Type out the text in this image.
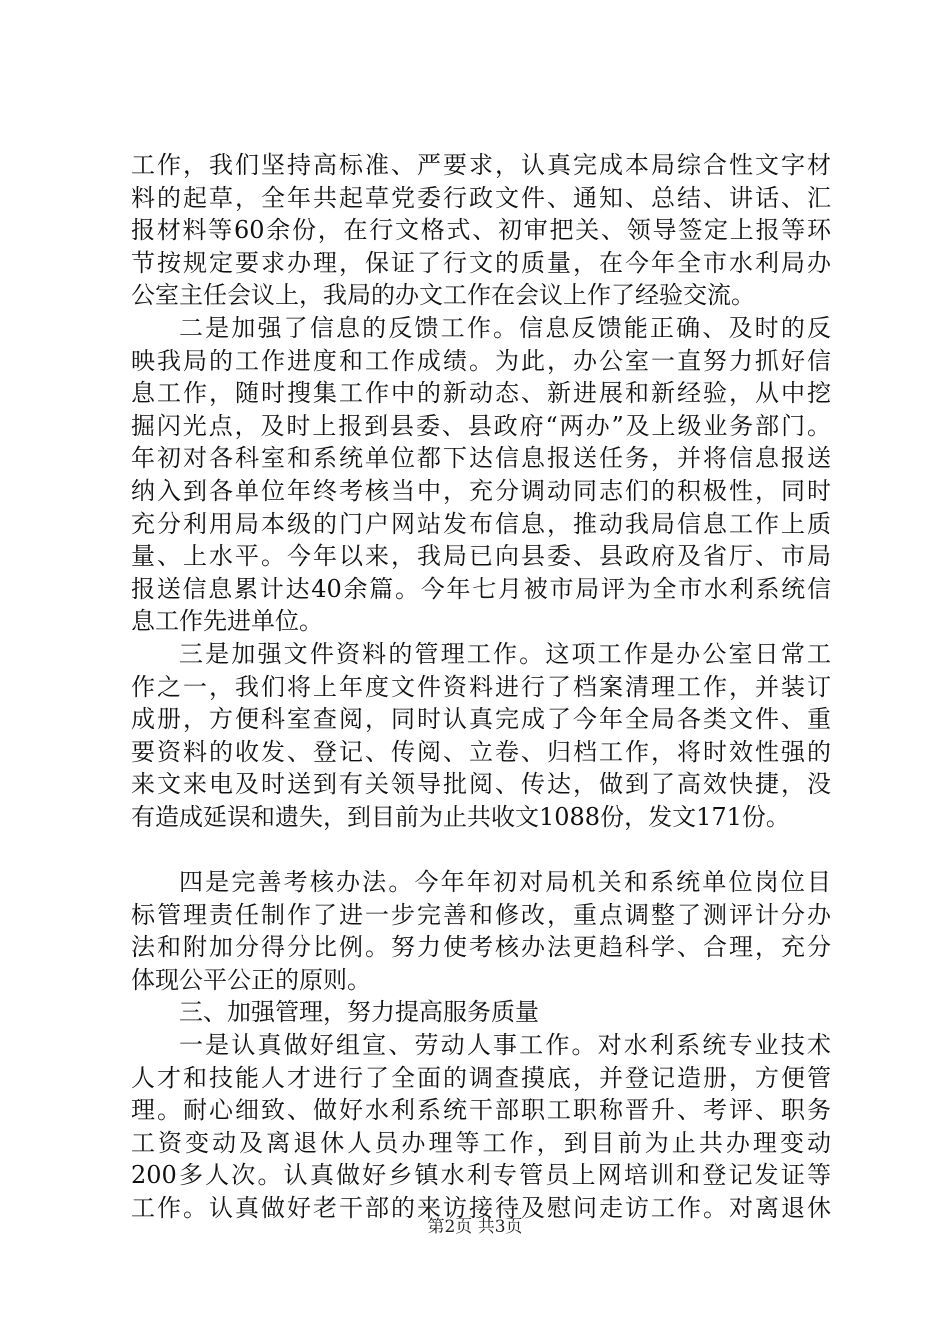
工作，我们坚持高标准、严要求，认真完成本局综合性文字材
料的起草，全年共起草党委行政文件、通知、总结、讲话、汇
报材料等60余份，在行文格式、初审把关、领导签定上报等环
节按规定要求办理，保证了行文的质量，在今年全市水利局办
公室主任会议上，我局的办文工作在会议上作了经验交流。
二是加强了信息的反馈工作。信息反馈能正确、及时的反
映我局的工作进度和工作成绩。为此，办公室一直努力抓好信
息工作，随时搜集工作中的新动态、新进展和新经验，从中挖
掘闪光点，及时上报到县委、县政府“两办”及上级业务部门。
年初对各科室和系统单位都下达信息报送任务，并将信息报送
纳入到各单位年终考核当中，充分调动同志们的积极性，同时
充分利用局本级的门户网站发布信息，推动我局信息工作上质
量、上水平。今年以来，我局已向县委、县政府及省厅、市局
报送信息累计达40余篇。今年七月被市局评为全市水利系统信
息工作先进单位。
三是加强文件资料的管理工作。这项工作是办公室日常工
作之一，我们将上年度文件资料进行了档案清理工作，并装订
成册，方便科室查阅，同时认真完成了今年全局各类文件、重
要资料的收发、登记、传阅、立卷、归档工作，将时效性强的
来文来电及时送到有关领导批阅、传达，做到了高效快捷，没
有造成延误和遗失，到目前为止共收文1088份，发文171份。
四是完善考核办法。今年年初对局机关和系统单位岗位目
标管理责任制作了进一步完善和修改，重点调整了测评计分办
法和附加分得分比例。努力使考核办法更趋科学、合理，充分
体现公平公正的原则。
三、加强管理，努力提高服务质量
一是认真做好组宣、劳动人事工作。对水利系统专业技术
人才和技能人才进行了全面的调查摸底，并登记造册，方便管
理。耐心细致、做好水利系统干部职工职称晋升、考评、职务
工资变动及离退休人员办理等工作，到目前为止共办理变动
200多人次。认真做好乡镇水利专管员上网培训和登记发证等
工作。认真做好老干部的来访接待及慰问走访工作。对离退休
第2页 共3页
